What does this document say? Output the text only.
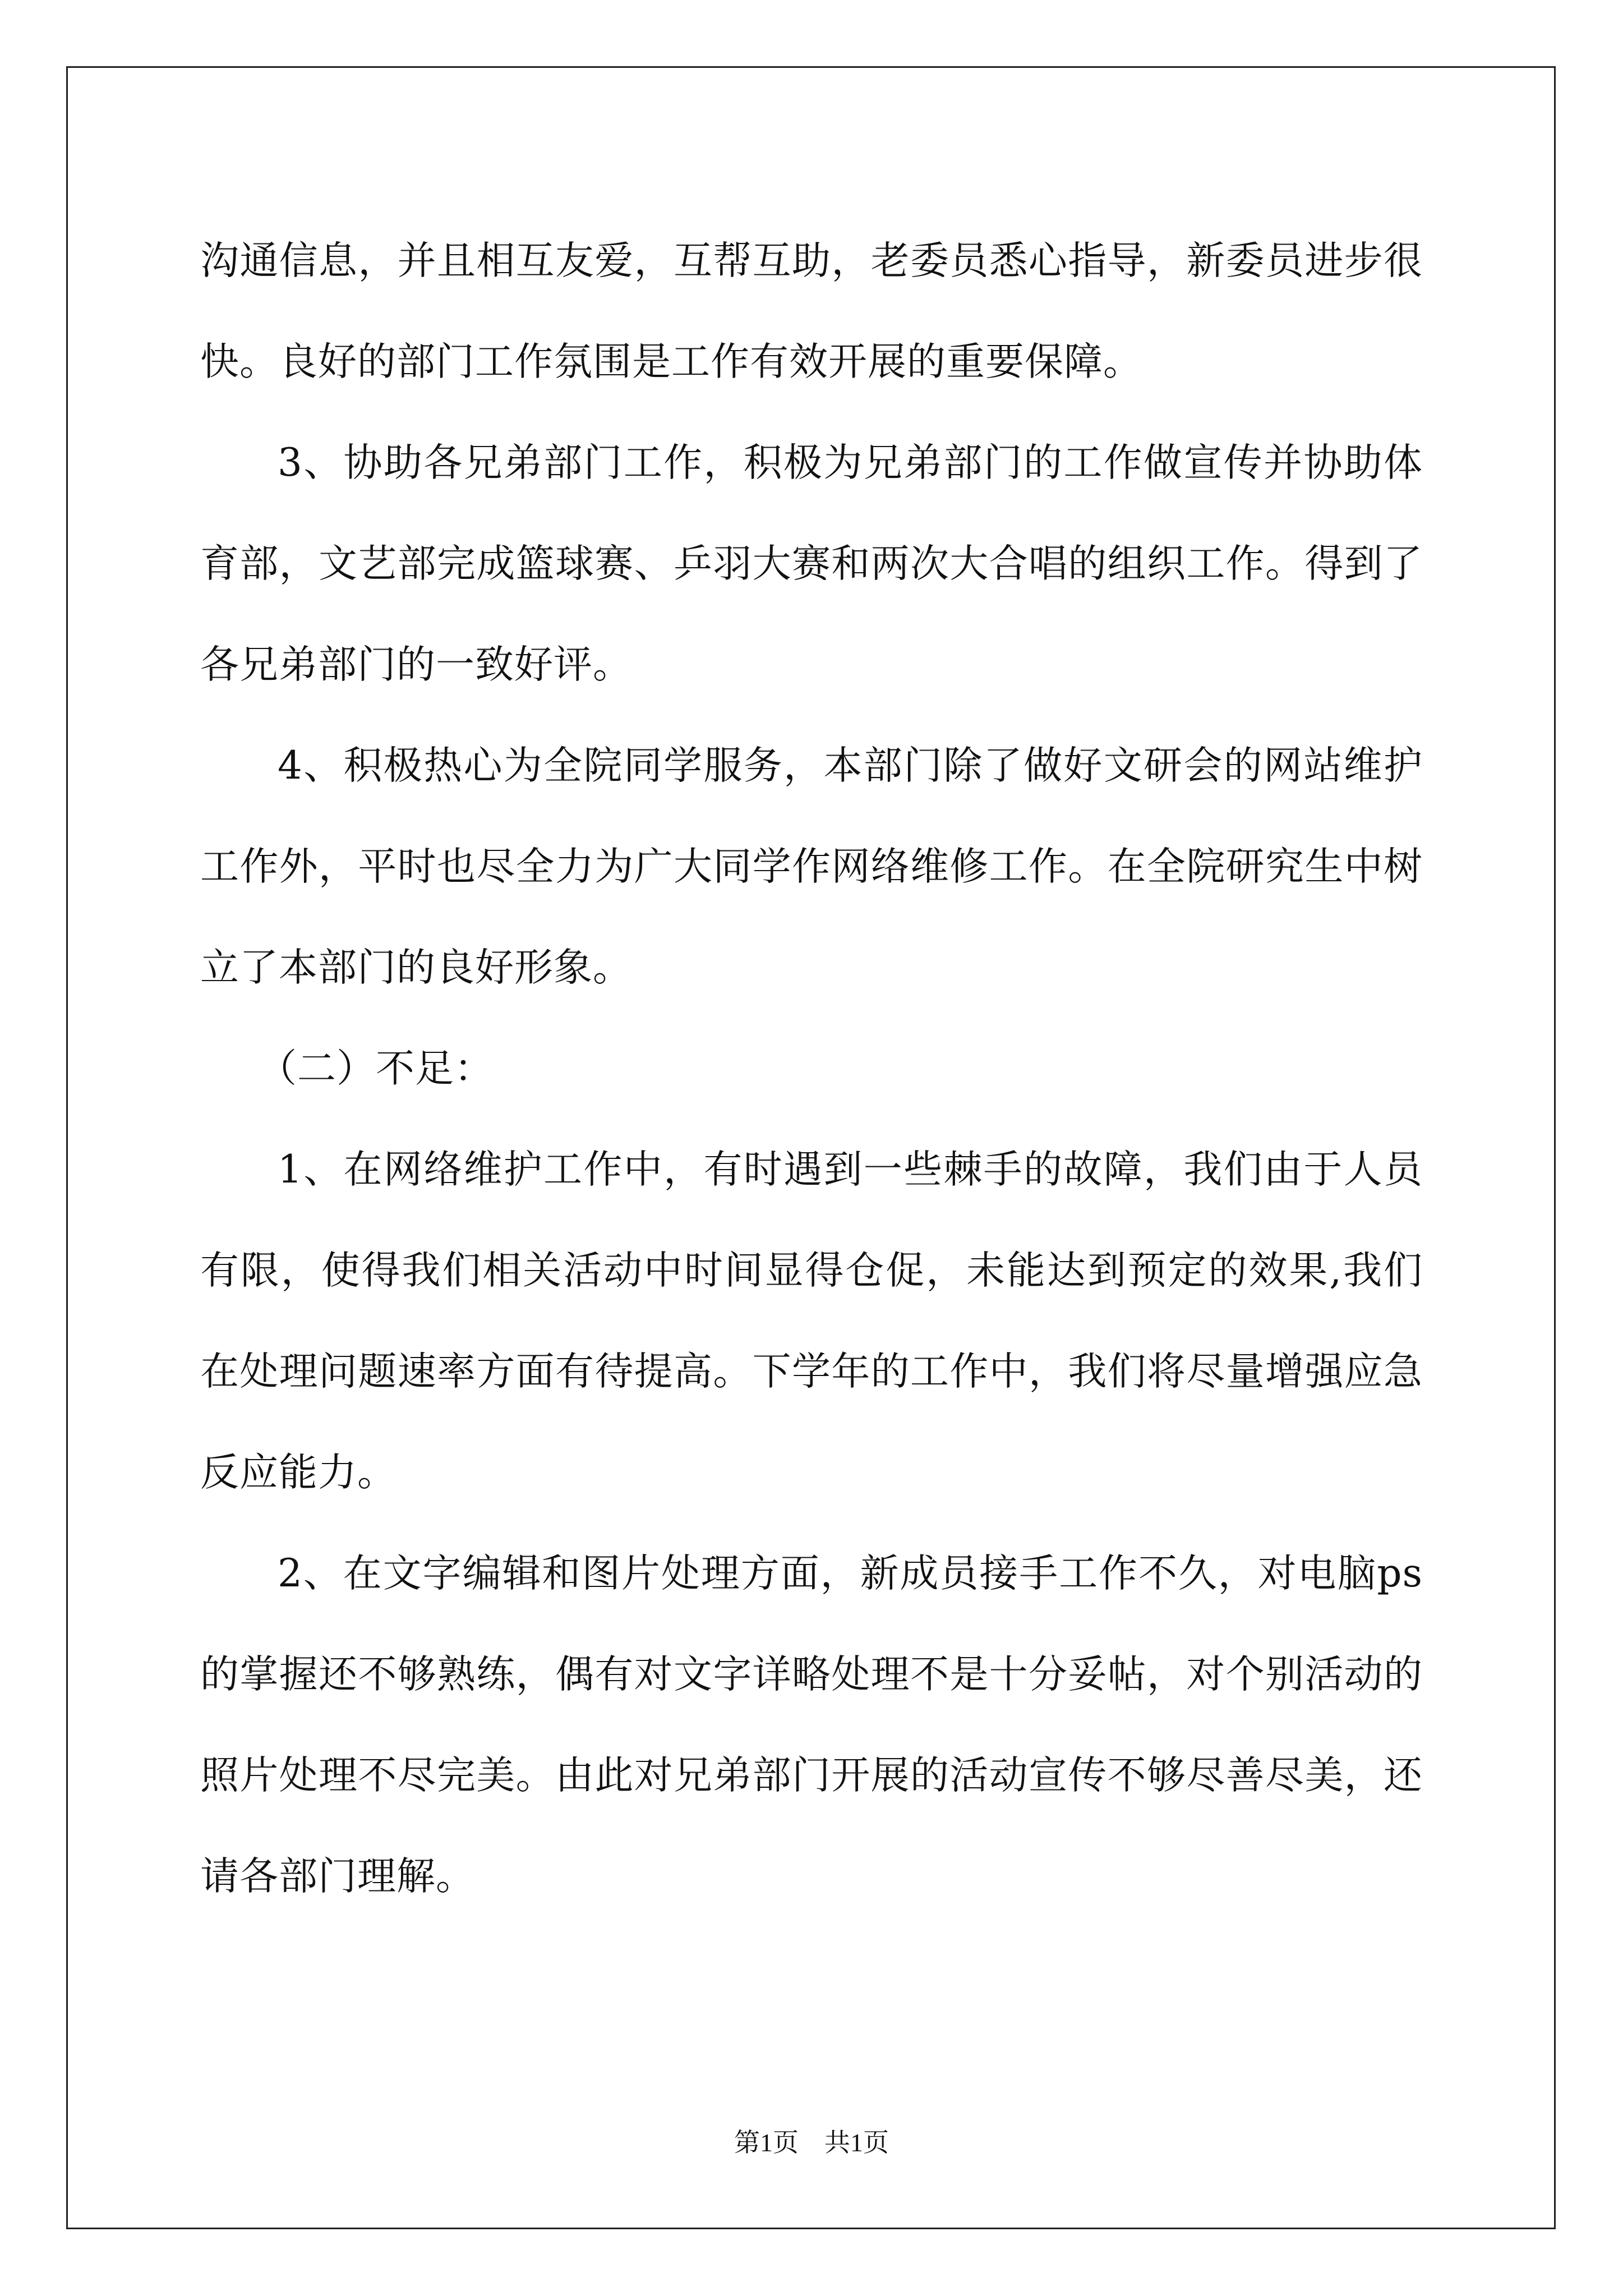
沟通信息，并且相互友爱，互帮互助，老委员悉心指导，新委员进步很快。良好的部门工作氛围是工作有效开展的重要保障。

3、协助各兄弟部门工作，积极为兄弟部门的工作做宣传并协助体育部，文艺部完成篮球赛、乒羽大赛和两次大合唱的组织工作。得到了各兄弟部门的一致好评。

4、积极热心为全院同学服务，本部门除了做好文研会的网站维护工作外，平时也尽全力为广大同学作网络维修工作。在全院研究生中树立了本部门的良好形象。

（二）不足：

1、在网络维护工作中，有时遇到一些棘手的故障，我们由于人员有限，使得我们相关活动中时间显得仓促，未能达到预定的效果,我们在处理问题速率方面有待提高。下学年的工作中，我们将尽量增强应急反应能力。

2、在文字编辑和图片处理方面，新成员接手工作不久，对电脑ps的掌握还不够熟练，偶有对文字详略处理不是十分妥帖，对个别活动的照片处理不尽完美。由此对兄弟部门开展的活动宣传不够尽善尽美，还请各部门理解。

第1页 共1页
